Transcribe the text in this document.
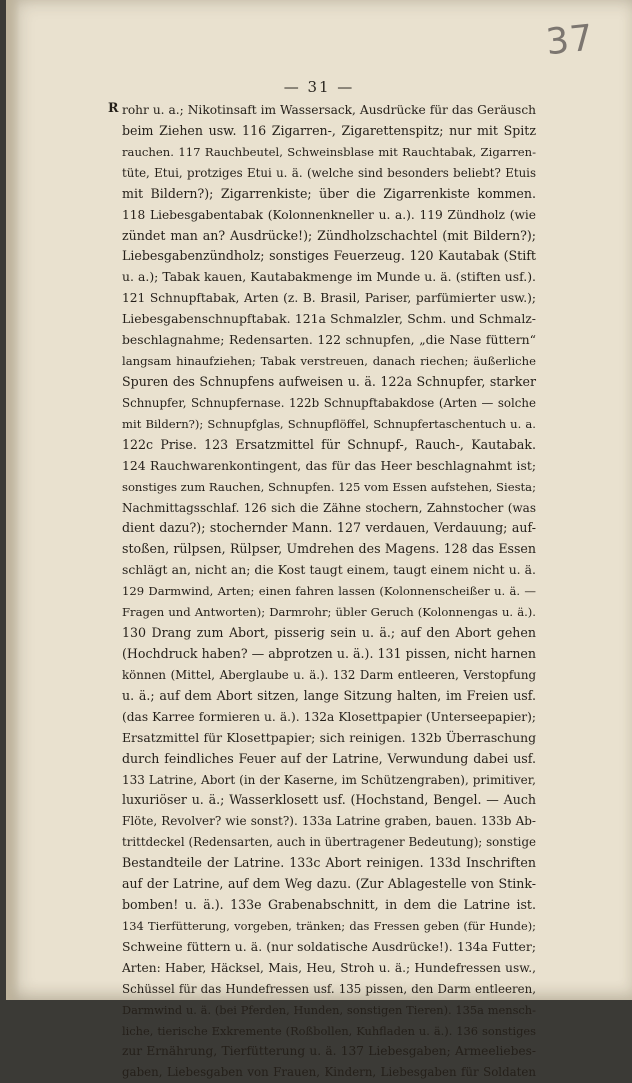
37
— 31 —
R rohr u. a.; Nikotinsaft im Wassersack, Ausdrücke für das Geräusch
beim Ziehen usw. 116 Zigarren-, Zigarettenspitz; nur mit Spitz
rauchen. 117 Rauchbeutel, Schweinsblase mit Rauchtabak, Zigarren-
tüte, Etui, protziges Etui u. ä. (welche sind besonders beliebt? Etuis
mit Bildern?); Zigarrenkiste; über die Zigarrenkiste kommen.
118 Liebesgabentabak (Kolonnenkneller u. a.). 119 Zündholz (wie
zündet man an? Ausdrücke!); Zündholzschachtel (mit Bildern?);
Liebesgabenzündholz; sonstiges Feuerzeug. 120 Kautabak (Stift
u. a.); Tabak kauen, Kautabakmenge im Munde u. ä. (stiften usf.).
121 Schnupftabak, Arten (z. B. Brasil, Pariser, parfümierter usw.);
Liebesgabenschnupftabak. 121a Schmalzler, Schm. und Schmalz-
beschlagnahme; Redensarten. 122 schnupfen, „die Nase füttern“
langsam hinaufziehen; Tabak verstreuen, danach riechen; äußerliche
Spuren des Schnupfens aufweisen u. ä. 122a Schnupfer, starker
Schnupfer, Schnupfernase. 122b Schnupftabakdose (Arten — solche
mit Bildern?); Schnupfglas, Schnupflöffel, Schnupfertaschentuch u. a.
122c Prise. 123 Ersatzmittel für Schnupf-, Rauch-, Kautabak.
124 Rauchwarenkontingent, das für das Heer beschlagnahmt ist;
sonstiges zum Rauchen, Schnupfen. 125 vom Essen aufstehen, Siesta;
Nachmittagsschlaf. 126 sich die Zähne stochern, Zahnstocher (was
dient dazu?); stochernder Mann. 127 verdauen, Verdauung; auf-
stoßen, rülpsen, Rülpser, Umdrehen des Magens. 128 das Essen
schlägt an, nicht an; die Kost taugt einem, taugt einem nicht u. ä.
129 Darmwind, Arten; einen fahren lassen (Kolonnenscheißer u. ä. —
Fragen und Antworten); Darmrohr; übler Geruch (Kolonnengas u. ä.).
130 Drang zum Abort, pisserig sein u. ä.; auf den Abort gehen
(Hochdruck haben? — abprotzen u. ä.). 131 pissen, nicht harnen
können (Mittel, Aberglaube u. ä.). 132 Darm entleeren, Verstopfung
u. ä.; auf dem Abort sitzen, lange Sitzung halten, im Freien usf.
(das Karree formieren u. ä.). 132a Klosettpapier (Unterseepapier);
Ersatzmittel für Klosettpapier; sich reinigen. 132b Überraschung
durch feindliches Feuer auf der Latrine, Verwundung dabei usf.
133 Latrine, Abort (in der Kaserne, im Schützengraben), primitiver,
luxuriöser u. ä.; Wasserklosett usf. (Hochstand, Bengel. — Auch
Flöte, Revolver? wie sonst?). 133a Latrine graben, bauen. 133b Ab-
trittdeckel (Redensarten, auch in übertragener Bedeutung); sonstige
Bestandteile der Latrine. 133c Abort reinigen. 133d Inschriften
auf der Latrine, auf dem Weg dazu. (Zur Ablagestelle von Stink-
bomben! u. ä.). 133e Grabenabschnitt, in dem die Latrine ist.
134 Tierfütterung, vorgeben, tränken; das Fressen geben (für Hunde);
Schweine füttern u. ä. (nur soldatische Ausdrücke!). 134a Futter;
Arten: Haber, Häcksel, Mais, Heu, Stroh u. ä.; Hundefressen usw.,
Schüssel für das Hundefressen usf. 135 pissen, den Darm entleeren,
Darmwind u. ä. (bei Pferden, Hunden, sonstigen Tieren). 135a mensch-
liche, tierische Exkremente (Roßbollen, Kuhfladen u. ä.). 136 sonstiges
zur Ernährung, Tierfütterung u. ä. 137 Liebesgaben; Armeeliebes-
gaben, Liebesgaben von Frauen, Kindern, Liebesgaben für Soldaten
